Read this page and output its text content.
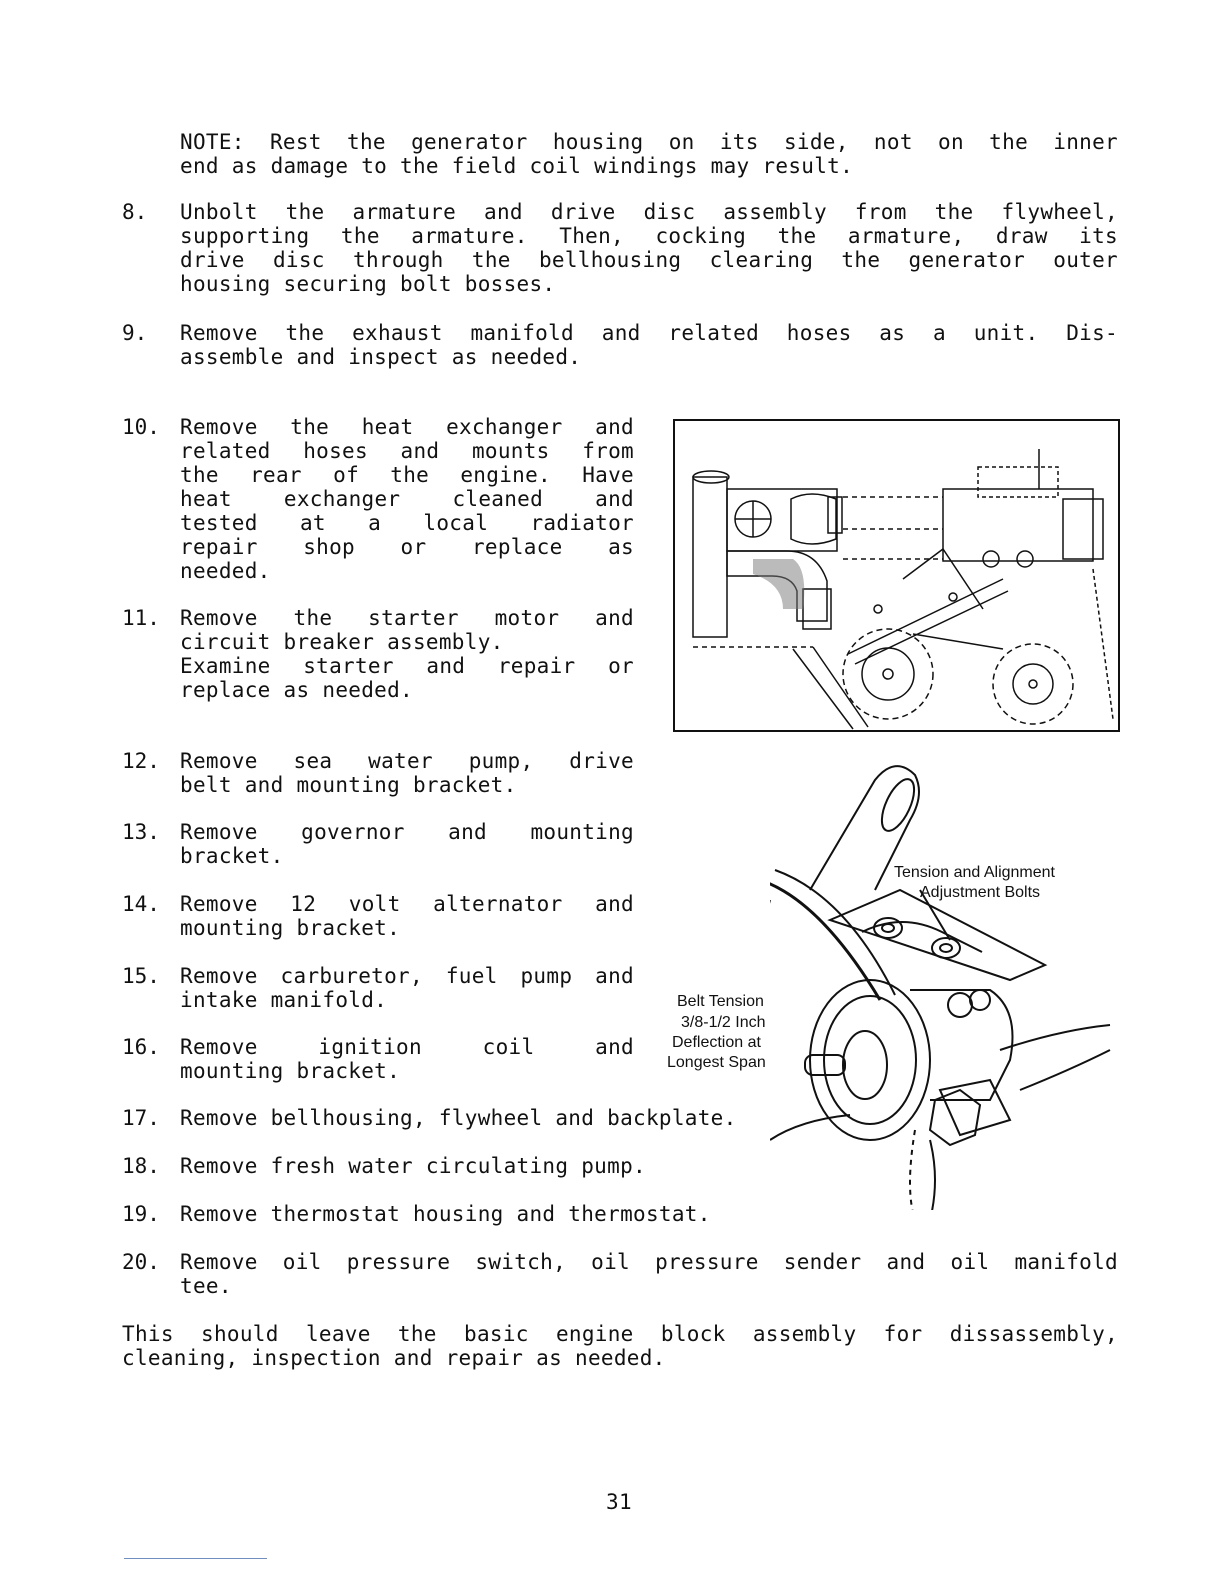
NOTE: Rest the generator housing on its side, not on the inner
end as damage to the field coil windings may result.
8. Unbolt the armature and drive disc assembly from the flywheel,
supporting the armature. Then, cocking the armature, draw its
drive disc through the bellhousing clearing the generator outer
housing securing bolt bosses.
9. Remove the exhaust manifold and related hoses as a unit. Dis-
assemble and inspect as needed.
10. Remove the heat exchanger and
related hoses and mounts from
the rear of the engine. Have
heat exchanger cleaned and
tested at a local radiator
repair shop or replace as
needed.
11. Remove the starter motor and
circuit breaker assembly.
Examine starter and repair or
replace as needed.
12. Remove sea water pump, drive
belt and mounting bracket.
13. Remove governor and mounting
bracket.
14. Remove 12 volt alternator and
mounting bracket.
15. Remove carburetor, fuel pump and
intake manifold.
16. Remove ignition coil and
mounting bracket.
17. Remove bellhousing, flywheel and backplate.
18. Remove fresh water circulating pump.
19. Remove thermostat housing and thermostat.
20. Remove oil pressure switch, oil pressure sender and oil manifold
tee.
This should leave the basic engine block assembly for dissassembly,
cleaning, inspection and repair as needed.
Tension and Alignment
Adjustment Bolts
Belt Tension
3/8-1/2 Inch
Deflection at
Longest Span
31
